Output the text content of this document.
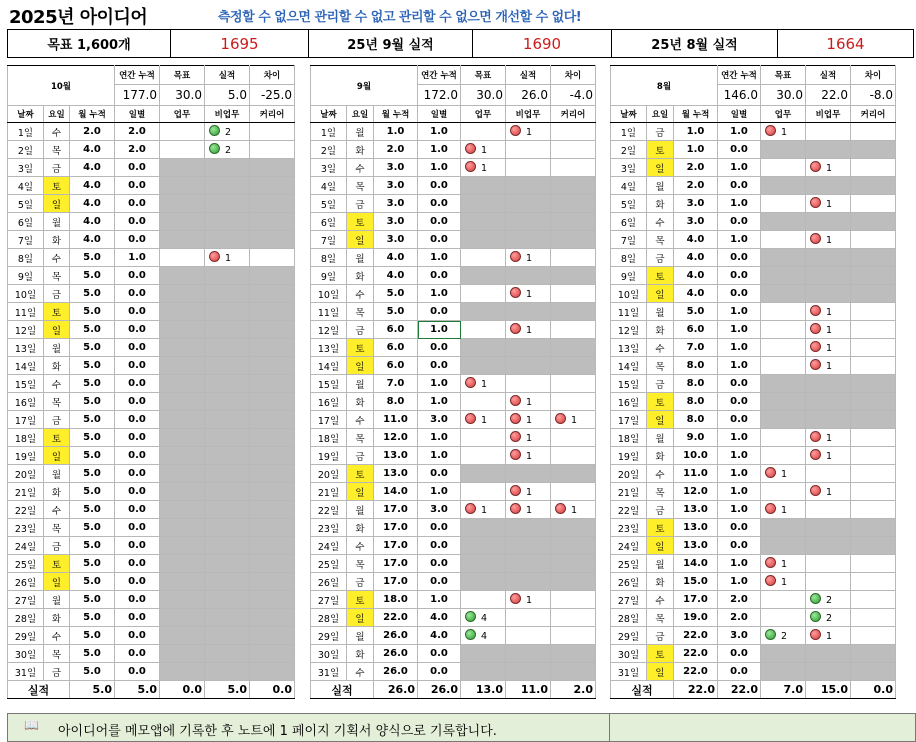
2025년 아이디어	측정할 수 없으면 관리할 수 없고 관리할 수 없으면 개선할 수 없다!
목표 1,600개	1695	25년 9월 실적	1690	25년 8월 실적	1664
10월			연간 누적	목표	실적	차이
			177.0	30.0	5.0	-25.0
날짜	요일	월 누적	일별	업무	비업무	커리어
1일	수	2.0	2.0		2	
2일	목	4.0	2.0		2	
3일	금	4.0	0.0			
4일	토	4.0	0.0			
5일	일	4.0	0.0			
6일	월	4.0	0.0			
7일	화	4.0	0.0			
8일	수	5.0	1.0		1	
9일	목	5.0	0.0			
10일	금	5.0	0.0			
11일	토	5.0	0.0			
12일	일	5.0	0.0			
13일	월	5.0	0.0			
14일	화	5.0	0.0			
15일	수	5.0	0.0			
16일	목	5.0	0.0			
17일	금	5.0	0.0			
18일	토	5.0	0.0			
19일	일	5.0	0.0			
20일	월	5.0	0.0			
21일	화	5.0	0.0			
22일	수	5.0	0.0			
23일	목	5.0	0.0			
24일	금	5.0	0.0			
25일	토	5.0	0.0			
26일	일	5.0	0.0			
27일	월	5.0	0.0			
28일	화	5.0	0.0			
29일	수	5.0	0.0			
30일	목	5.0	0.0			
31일	금	5.0	0.0			
실적		5.0	5.0	0.0	5.0	0.0
9월			연간 누적	목표	실적	차이
			172.0	30.0	26.0	-4.0
날짜	요일	월 누적	일별	업무	비업무	커리어
1일	월	1.0	1.0		1	
2일	화	2.0	1.0	1		
3일	수	3.0	1.0	1		
4일	목	3.0	0.0			
5일	금	3.0	0.0			
6일	토	3.0	0.0			
7일	일	3.0	0.0			
8일	월	4.0	1.0		1	
9일	화	4.0	0.0			
10일	수	5.0	1.0		1	
11일	목	5.0	0.0			
12일	금	6.0	1.0		1	
13일	토	6.0	0.0			
14일	일	6.0	0.0			
15일	월	7.0	1.0	1		
16일	화	8.0	1.0		1	
17일	수	11.0	3.0	1	1	1
18일	목	12.0	1.0		1	
19일	금	13.0	1.0		1	
20일	토	13.0	0.0			
21일	일	14.0	1.0		1	
22일	월	17.0	3.0	1	1	1
23일	화	17.0	0.0			
24일	수	17.0	0.0			
25일	목	17.0	0.0			
26일	금	17.0	0.0			
27일	토	18.0	1.0		1	
28일	일	22.0	4.0	4		
29일	월	26.0	4.0	4		
30일	화	26.0	0.0			
31일	수	26.0	0.0			
실적		26.0	26.0	13.0	11.0	2.0
8월			연간 누적	목표	실적	차이
			146.0	30.0	22.0	-8.0
날짜	요일	월 누적	일별	업무	비업무	커리어
1일	금	1.0	1.0	1		
2일	토	1.0	0.0			
3일	일	2.0	1.0		1	
4일	월	2.0	0.0			
5일	화	3.0	1.0		1	
6일	수	3.0	0.0			
7일	목	4.0	1.0		1	
8일	금	4.0	0.0			
9일	토	4.0	0.0			
10일	일	4.0	0.0			
11일	월	5.0	1.0		1	
12일	화	6.0	1.0		1	
13일	수	7.0	1.0		1	
14일	목	8.0	1.0		1	
15일	금	8.0	0.0			
16일	토	8.0	0.0			
17일	일	8.0	0.0			
18일	월	9.0	1.0		1	
19일	화	10.0	1.0		1	
20일	수	11.0	1.0	1		
21일	목	12.0	1.0		1	
22일	금	13.0	1.0	1		
23일	토	13.0	0.0			
24일	일	13.0	0.0			
25일	월	14.0	1.0	1		
26일	화	15.0	1.0	1		
27일	수	17.0	2.0		2	
28일	목	19.0	2.0		2	
29일	금	22.0	3.0	2	1	
30일	토	22.0	0.0			
31일	일	22.0	0.0			
실적		22.0	22.0	7.0	15.0	0.0
📖 아이디어를 메모앱에 기록한 후 노트에 1 페이지 기획서 양식으로 기록합니다.
